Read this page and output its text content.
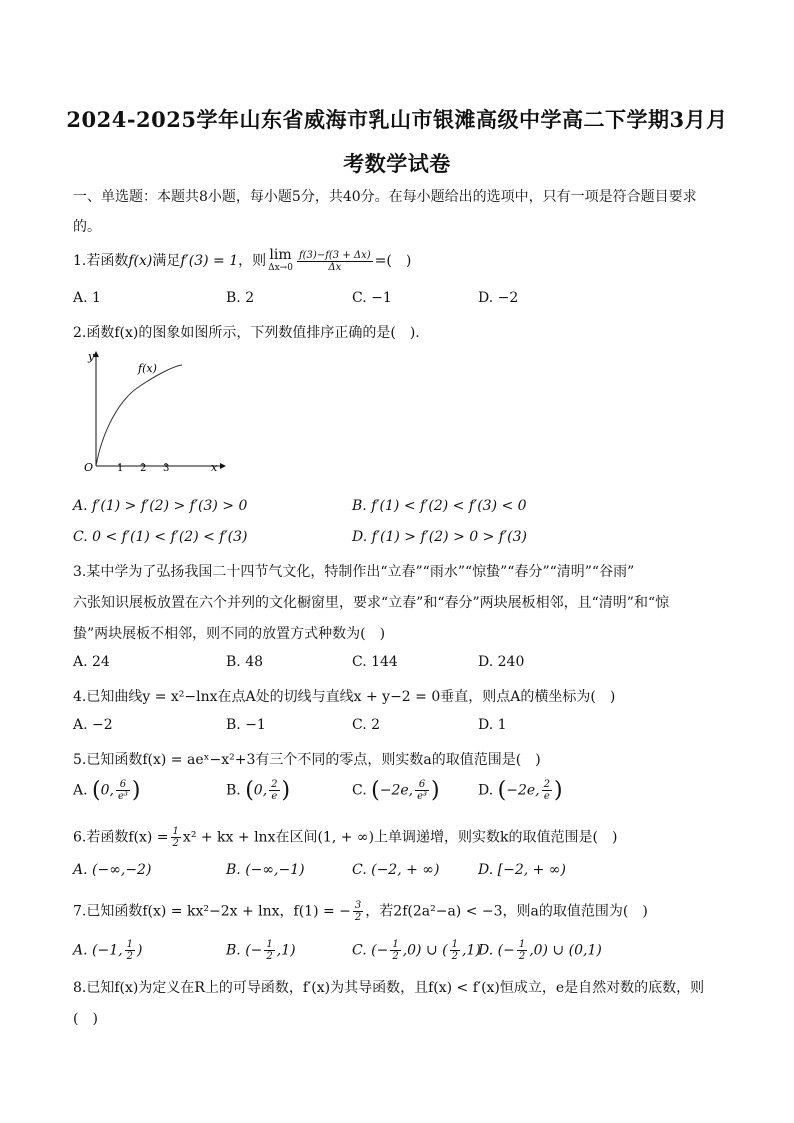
2024-2025学年山东省威海市乳山市银滩高级中学高二下学期3月月
考数学试卷
一、单选题：本题共8小题，每小题5分，共40分。在每小题给出的选项中，只有一项是符合题目要求
的。
1.若函数f(x)满足f′(3) = 1，则 lim
$\Delta x\to 0 \frac{f(3)-f(3 + \Delta x)}{\Delta x}$ =(　)
A. 1	B. 2	C. −1	D. −2
2.函数f(x)的图象如图所示，下列数值排序正确的是(　).
y
x
O
f(x)
1 2 3
A. f′(1) > f′(2) > f′(3) > 0	B. f′(1) < f′(2) < f′(3) < 0
C. 0 < f′(1) < f′(2) < f′(3)	D. f′(1) > f′(2) > 0 > f′(3)
3.某中学为了弘扬我国二十四节气文化，特制作出“立春”“雨水”“惊蛰”“春分”“清明”“谷雨”
六张知识展板放置在六个并列的文化橱窗里，要求“立春”和“春分”两块展板相邻，且“清明”和“惊
蛰”两块展板不相邻，则不同的放置方式种数为(　)
A. 24	B. 48	C. 144	D. 240
4.已知曲线y = x²−lnx在点A处的切线与直线x + y−2 = 0垂直，则点A的横坐标为(　)
A. −2	B. −1	C. 2	D. 1
5.已知函数f(x) = aeˣ−x²+3有三个不同的零点，则实数a的取值范围是(　)
A. (0, $\frac{6}{\text{e³}}$ )	B. (0, $\frac{2}{e}$ )	C. (−2e, $\frac{6}{\text{e³}}$ )	D. (−2e, $\frac{2}{e}$ )
6.若函数$f(x) = \frac{1}{2} x^2$ + kx + lnx在区间(1, + ∞)上单调递增，则实数k的取值范围是(　)
A. (−∞,−2)	B. (−∞,−1)	C. (−2, + ∞)	D. [−2, + ∞)
7.已知函数f(x) = kx²−2x + lnx，f(1) = − $\frac{3}{2}$ ，若2f(2a²−a) < −3，则a的取值范围为(　)
A. (−1, $\frac{1}{2}$ )	B. (− $\frac{1}{2} ,1$)	C. (− $\frac{1}{2} ,0$) ∪ ( $\frac{1}{2} ,1$)
D. (− $\frac{1}{2} ,0$) ∪ (0,1)
8.已知f(x)为定义在R上的可导函数，f′(x)为其导函数，且f(x) < f′(x)恒成立，e是自然对数的底数，则
(　)
